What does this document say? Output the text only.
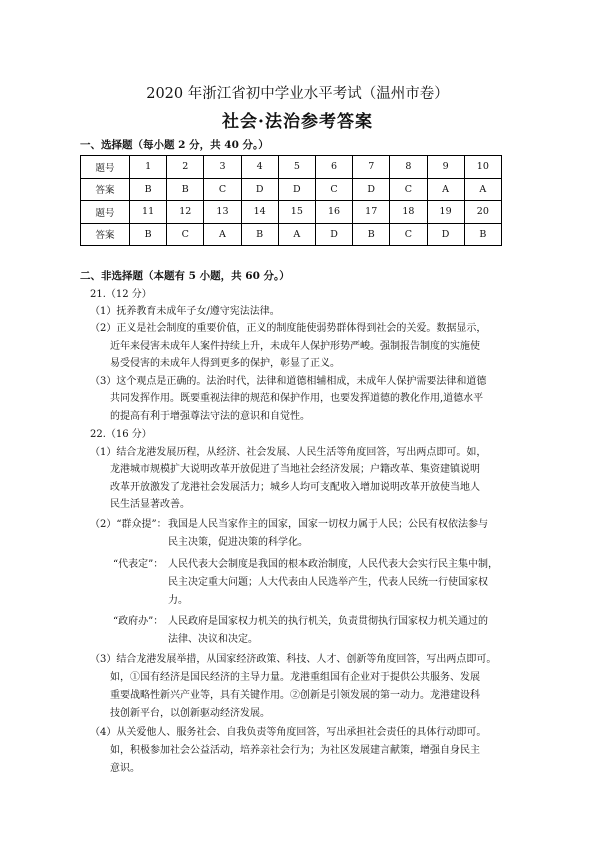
2020 年浙江省初中学业水平考试（温州市卷）
社会·法治参考答案
一、选择题（每小题 2 分，共 40 分。）
题号	1	2	3	4	5	6	7	8	9	10
答案	B	B	C	D	D	C	D	C	A	A
题号	11	12	13	14	15	16	17	18	19	20
答案	B	C	A	B	A	D	B	C	D	B
二、非选择题（本题有 5 小题，共 60 分。）
21.（12 分）
（1）抚养教育未成年子女/遵守宪法法律。
（2）正义是社会制度的重要价值，正义的制度能使弱势群体得到社会的关爱。数据显示，
近年来侵害未成年人案件持续上升，未成年人保护形势严峻。强制报告制度的实施使
易受侵害的未成年人得到更多的保护，彰显了正义。
（3）这个观点是正确的。法治时代，法律和道德相辅相成，未成年人保护需要法律和道德
共同发挥作用。既要重视法律的规范和保护作用，也要发挥道德的教化作用,道德水平
的提高有利于增强尊法守法的意识和自觉性。
22.（16 分）
（1）结合龙港发展历程，从经济、社会发展、人民生活等角度回答，写出两点即可。如，
龙港城市规模扩大说明改革开放促进了当地社会经济发展；户籍改革、集资建镇说明
改革开放激发了龙港社会发展活力；城乡人均可支配收入增加说明改革开放使当地人
民生活显著改善。
（2）“群众提”： 我国是人民当家作主的国家，国家一切权力属于人民；公民有权依法参与
民主决策，促进决策的科学化。
“代表定”： 人民代表大会制度是我国的根本政治制度，人民代表大会实行民主集中制，
民主决定重大问题；人大代表由人民选举产生，代表人民统一行使国家权
力。
“政府办”： 人民政府是国家权力机关的执行机关，负责贯彻执行国家权力机关通过的
法律、决议和决定。
（3）结合龙港发展举措，从国家经济政策、科技、人才、创新等角度回答，写出两点即可。
如，①国有经济是国民经济的主导力量。龙港重组国有企业对于提供公共服务、发展
重要战略性新兴产业等，具有关键作用。②创新是引领发展的第一动力。龙港建设科
技创新平台，以创新驱动经济发展。
（4）从关爱他人、服务社会、自我负责等角度回答，写出承担社会责任的具体行动即可。
如，积极参加社会公益活动，培养亲社会行为；为社区发展建言献策，增强自身民主
意识。
